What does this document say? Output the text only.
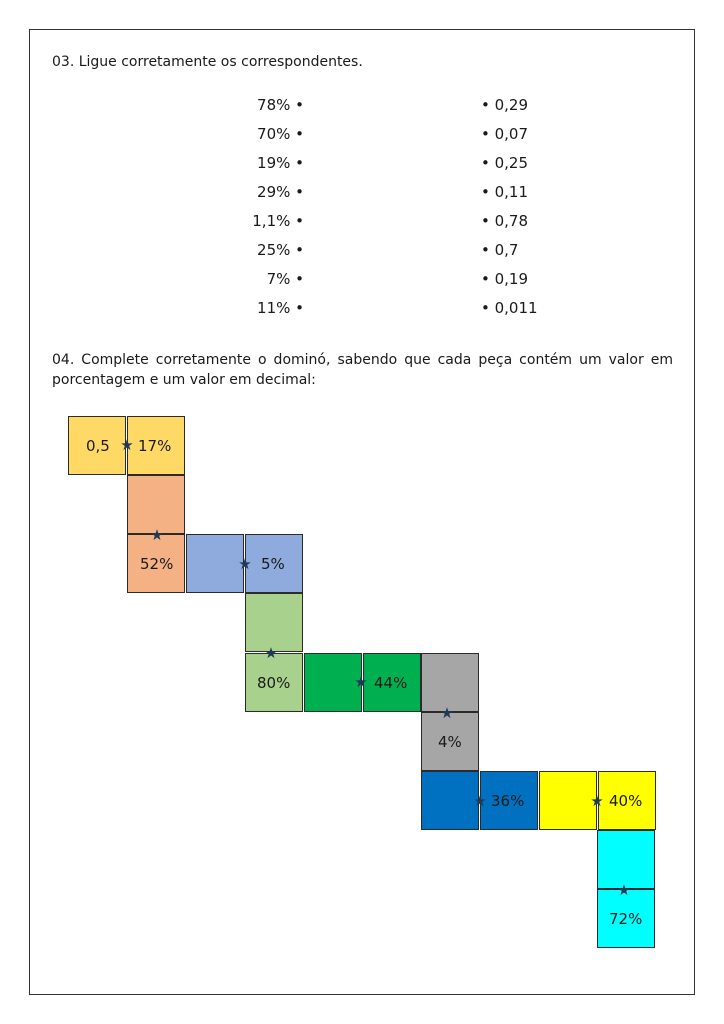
03. Ligue corretamente os correspondentes.
78% •	• 0,29
70% •	• 0,07
19% •	• 0,25
29% •	• 0,11
1,1% •	• 0,78
25% •	• 0,7
7% •	• 0,19
11% •	• 0,011
04. Complete corretamente o dominó, sabendo que cada peça contém um valor em porcentagem e um valor em decimal:
0,5 17%
52%	5%
80%	44%
4%
36%	40%
72%
★
★
★
★
★
★
★	★
★
